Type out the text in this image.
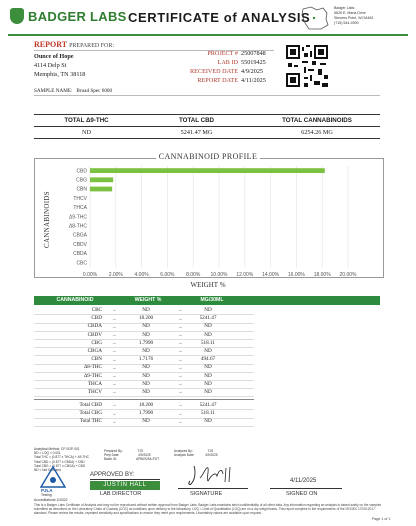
BADGER LABS CERTIFICATE of ANALYSIS
Badger Labs
5626 E. Maria Drive
Stevens Point, WI 54481
(715) 544-4900
REPORT PREPARED FOR:
Ounce of Hope
4114 Delp St
Memphis, TN 38118
PROJECT # 25007848
LAB ID 55019425
RECEIVED DATE 4/9/2025
REPORT DATE 4/11/2025
SAMPLE NAME: Broad Spec 6000
TOTAL Δ9-THC	TOTAL CBD	TOTAL CANNABINOIDS
ND	5241.47 MG	6254.26 MG
CANNABINOID PROFILE
CANNABINOIDS
0.00% 2.00% 4.00% 6.00% 8.00% 10.00% 12.00% 14.00% 16.00% 18.00% 20.00%
CBD
CBG
CBN
THCV
THCA
Δ9-THC
Δ8-THC
CBGA
CBDV
CBDA
CBC
WEIGHT %
CANNABINOID	WEIGHT %	MG/30ML
CBC →	ND	→	ND
CBD →	18.200	→	5241.47
CBDA →	ND	→	ND
CBDV →	ND	→	ND
CBG →	1.7990	→	518.11
CBGA →	ND	→	ND
CBN →	1.7176	→	494.67
Δ8-THC →	ND	→	ND
Δ9-THC →	ND	→	ND
THCA →	ND	→	ND
THCV →	ND	→	ND
Total CBD →	18.200	→	5241.47
Total CBG →	1.7990	→	518.11
Total THC →	ND	→	ND
Analytical Method: CP-SOP-001
ND = LOQ < 0.001
Total THC = (0.877 x THCA) + Δ9-THC
Total CBD = (0.877 x CBDA) + CBD
Total CBG = (0.877 x CBGA) + CBG
ND = Not Detected
Prepared By:	TJS
Prep Date:	4/9/2025
Batch ID:	APB0925A-POT
Analyzed By:	TJS
Analysis Date:	4/9/2025
PJLA
Testing
Accreditation# 115322
APPROVED BY:
JUSTIN HALL
LAB DIRECTOR	SIGNATURE
4/11/2025
SIGNED ON
This is a Badger Labs Certificate of Analysis and may not be reproduced without written approval from Badger Labs. Badger Labs maintains strict confidentiality of all client data. Any information regarding an analysis is based solely on the samples submitted as described on the Laboratory Chain of Custody (COC) at conditions upon delivery to the laboratory. LOQ = Limit of Quantitation (LOQ) are on a dry weight basis. This report complies to the requirements of the ISO/IEC 17025:2017 standard. Please review the results, repeated sensitivity and specifications to ensure they meet your requirements. Uncertainty values are available upon request.
Page 1 of 1
